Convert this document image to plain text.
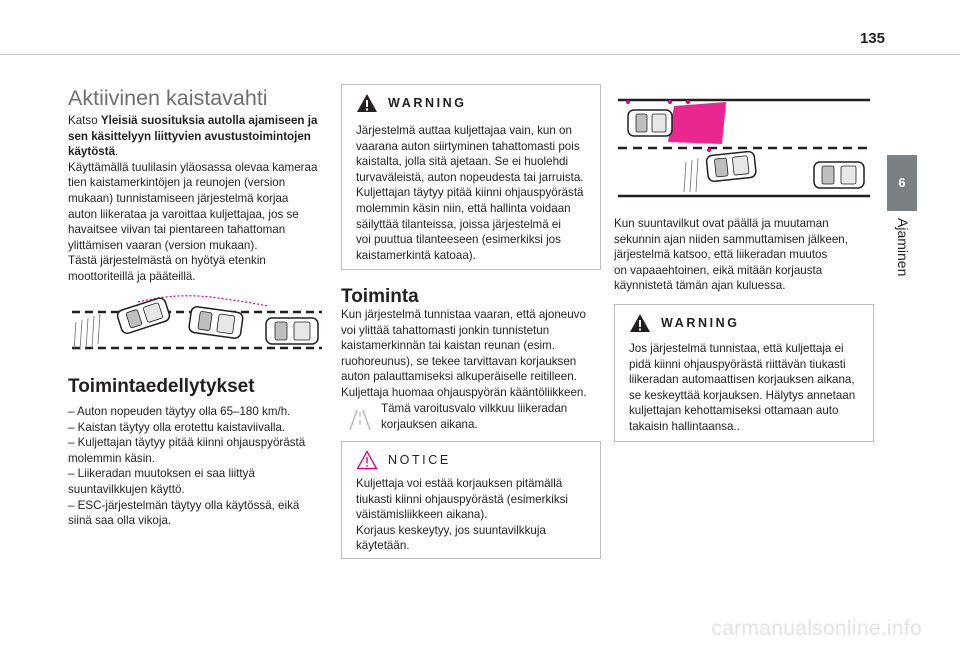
135
6
Ajaminen
Aktiivinen kaistavahti
Katso Yleisiä suosituksia autolla ajamiseen ja sen käsittelyyn liittyvien avustustoimintojen käytöstä.
Käyttämällä tuulilasin yläosassa olevaa kameraa
tien kaistamerkintöjen ja reunojen (version
mukaan) tunnistamiseen järjestelmä korjaa
auton liikerataa ja varoittaa kuljettajaa, jos se
havaitsee viivan tai pientareen tahattoman
ylittämisen vaaran (version mukaan).
Tästä järjestelmästä on hyötyä etenkin
moottoriteillä ja pääteillä.
Toimintaedellytykset
– Auton nopeuden täytyy olla 65–180 km/h.
– Kaistan täytyy olla erotettu kaistaviivalla.
– Kuljettajan täytyy pitää kiinni ohjauspyörästä
molemmin käsin.
– Liikeradan muutoksen ei saa liittyä
suuntavilkkujen käyttö.
– ESC-järjestelmän täytyy olla käytössä, eikä
siinä saa olla vikoja.
WARNING
Järjestelmä auttaa kuljettajaa vain, kun on
vaarana auton siirtyminen tahattomasti pois
kaistalta, jolla sitä ajetaan. Se ei huolehdi
turvaväleistä, auton nopeudesta tai jarruista.
Kuljettajan täytyy pitää kiinni ohjauspyörästä
molemmin käsin niin, että hallinta voidaan
säilyttää tilanteissa, joissa järjestelmä ei
voi puuttua tilanteeseen (esimerkiksi jos
kaistamerkintä katoaa).
Toiminta
Kun järjestelmä tunnistaa vaaran, että ajoneuvo
voi ylittää tahattomasti jonkin tunnistetun
kaistamerkinnän tai kaistan reunan (esim.
ruohoreunus), se tekee tarvittavan korjauksen
auton palauttamiseksi alkuperäiselle reitilleen.
Kuljettaja huomaa ohjauspyörän kääntöliikkeen.
Tämä varoitusvalo vilkkuu liikeradan
korjauksen aikana.
NOTICE
Kuljettaja voi estää korjauksen pitämällä
tiukasti kiinni ohjauspyörästä (esimerkiksi
väistämisliikkeen aikana).
Korjaus keskeytyy, jos suuntavilkkuja
käytetään.
Kun suuntavilkut ovat päällä ja muutaman
sekunnin ajan niiden sammuttamisen jälkeen,
järjestelmä katsoo, että liikeradan muutos
on vapaaehtoinen, eikä mitään korjausta
käynnistetä tämän ajan kuluessa.
WARNING
Jos järjestelmä tunnistaa, että kuljettaja ei
pidä kiinni ohjauspyörästä riittävän tiukasti
liikeradan automaattisen korjauksen aikana,
se keskeyttää korjauksen. Hälytys annetaan
kuljettajan kehottamiseksi ottamaan auto
takaisin hallintaansa..
carmanualsonline.info
